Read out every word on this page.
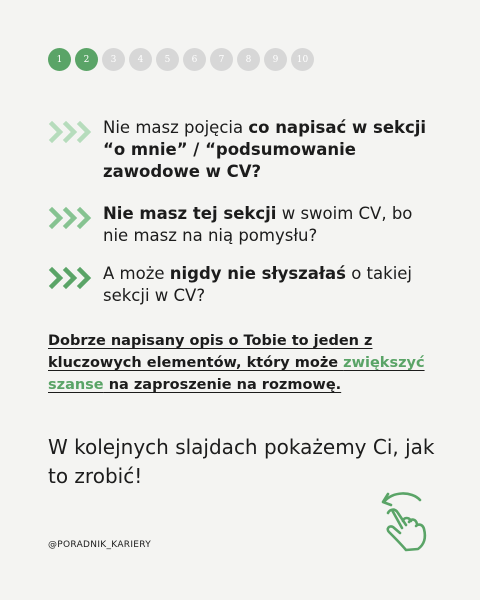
1	2	3	4	5	6	7	8	9	10
Nie masz pojęcia co napisać w sekcji “o mnie” / “podsumowanie zawodowe w CV?
Nie masz tej sekcji w swoim CV, bo nie masz na nią pomysłu?
A może nigdy nie słyszałaś o takiej sekcji w CV?
Dobrze napisany opis o Tobie to jeden z kluczowych elementów, który może zwiększyć szanse na zaproszenie na rozmowę.
W kolejnych slajdach pokażemy Ci, jak to zrobić!
@PORADNIK_KARIERY
